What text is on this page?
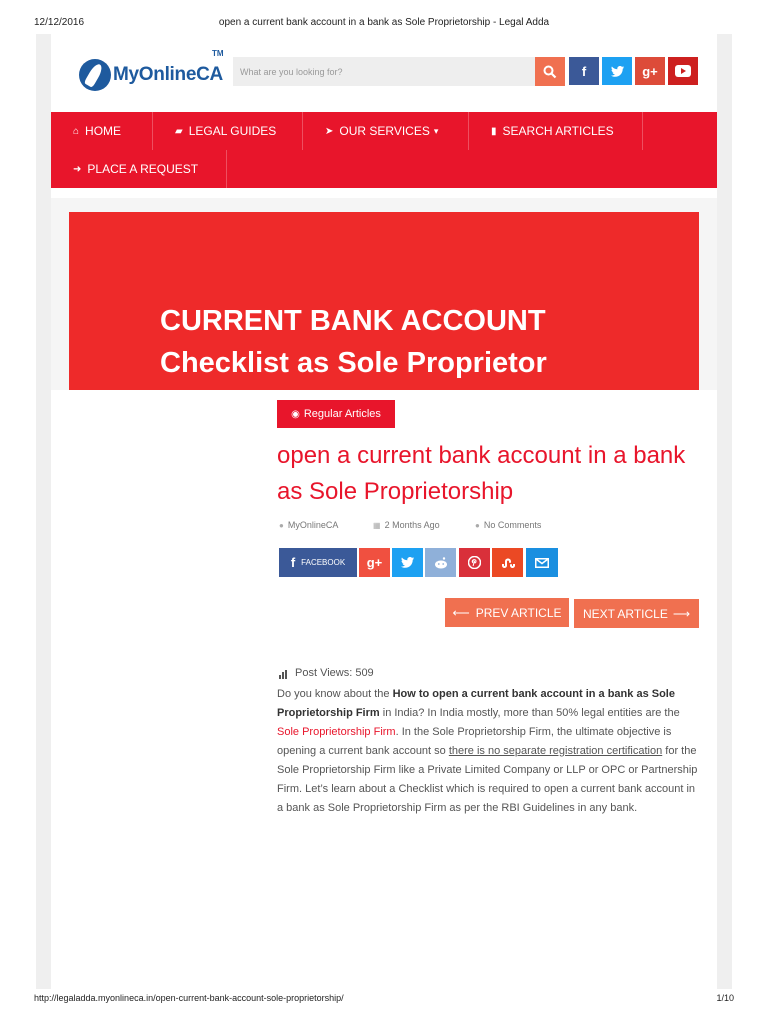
12/12/2016	open a current bank account in a bank as Sole Proprietorship - Legal Adda
MyOnlineCA
TM
What are you looking for?
f	g+
⌂ HOME	▰ LEGAL GUIDES	➤ OUR SERVICES ▾	▮ SEARCH ARTICLES
➜ PLACE A REQUEST
CURRENT BANK ACCOUNT
Checklist as Sole Proprietor
◉ Regular Articles
open a current bank account in a bank as Sole Proprietorship
● MyOnlineCA	▦ 2 Months Ago	● No Comments
f FACEBOOK g+
⟵ PREV ARTICLE NEXT ARTICLE ⟶
Post Views: 509

Do you know about the How to open a current bank account in a bank as Sole Proprietorship Firm in India? In India mostly, more than 50% legal entities are the Sole Proprietorship Firm. In the Sole Proprietorship Firm, the ultimate objective is opening a current bank account so there is no separate registration certification for the Sole Proprietorship Firm like a Private Limited Company or LLP or OPC or Partnership Firm. Let’s learn about a Checklist which is required to open a current bank account in a bank as Sole Proprietorship Firm as per the RBI Guidelines in any bank.

http://legaladda.myonlineca.in/open-current-bank-account-sole-proprietorship/	1/10
